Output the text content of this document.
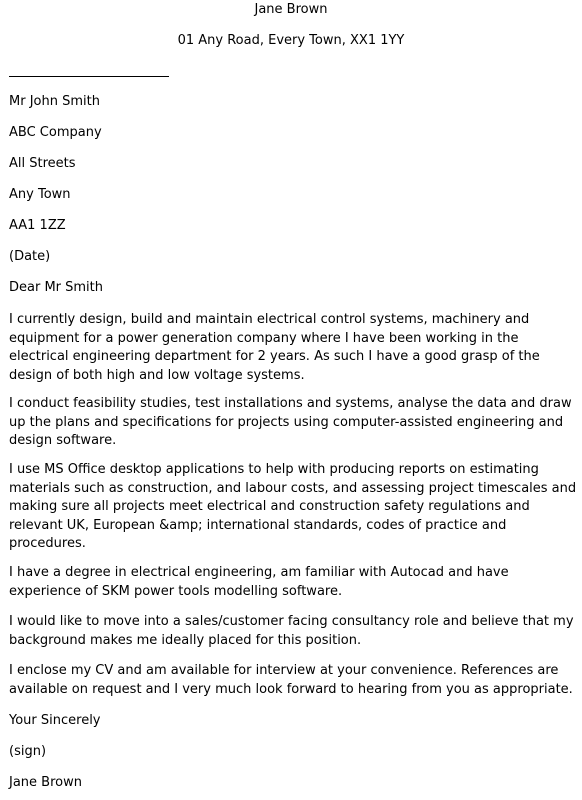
Jane Brown
01 Any Road, Every Town, XX1 1YY
Mr John Smith
ABC Company
All Streets
Any Town
AA1 1ZZ
(Date)
Dear Mr Smith

I currently design, build and maintain electrical control systems, machinery and equipment for a power generation company where I have been working in the electrical engineering department for 2 years. As such I have a good grasp of the design of both high and low voltage systems.

I conduct feasibility studies, test installations and systems, analyse the data and draw up the plans and specifications for projects using computer-assisted engineering and design software.

I use MS Office desktop applications to help with producing reports on estimating materials such as construction, and labour costs, and assessing project timescales and making sure all projects meet electrical and construction safety regulations and relevant UK, European &amp; international standards, codes of practice and procedures.

I have a degree in electrical engineering, am familiar with Autocad and have experience of SKM power tools modelling software.

I would like to move into a sales/customer facing consultancy role and believe that my background makes me ideally placed for this position.

I enclose my CV and am available for interview at your convenience. References are available on request and I very much look forward to hearing from you as appropriate.

Your Sincerely
(sign)
Jane Brown
